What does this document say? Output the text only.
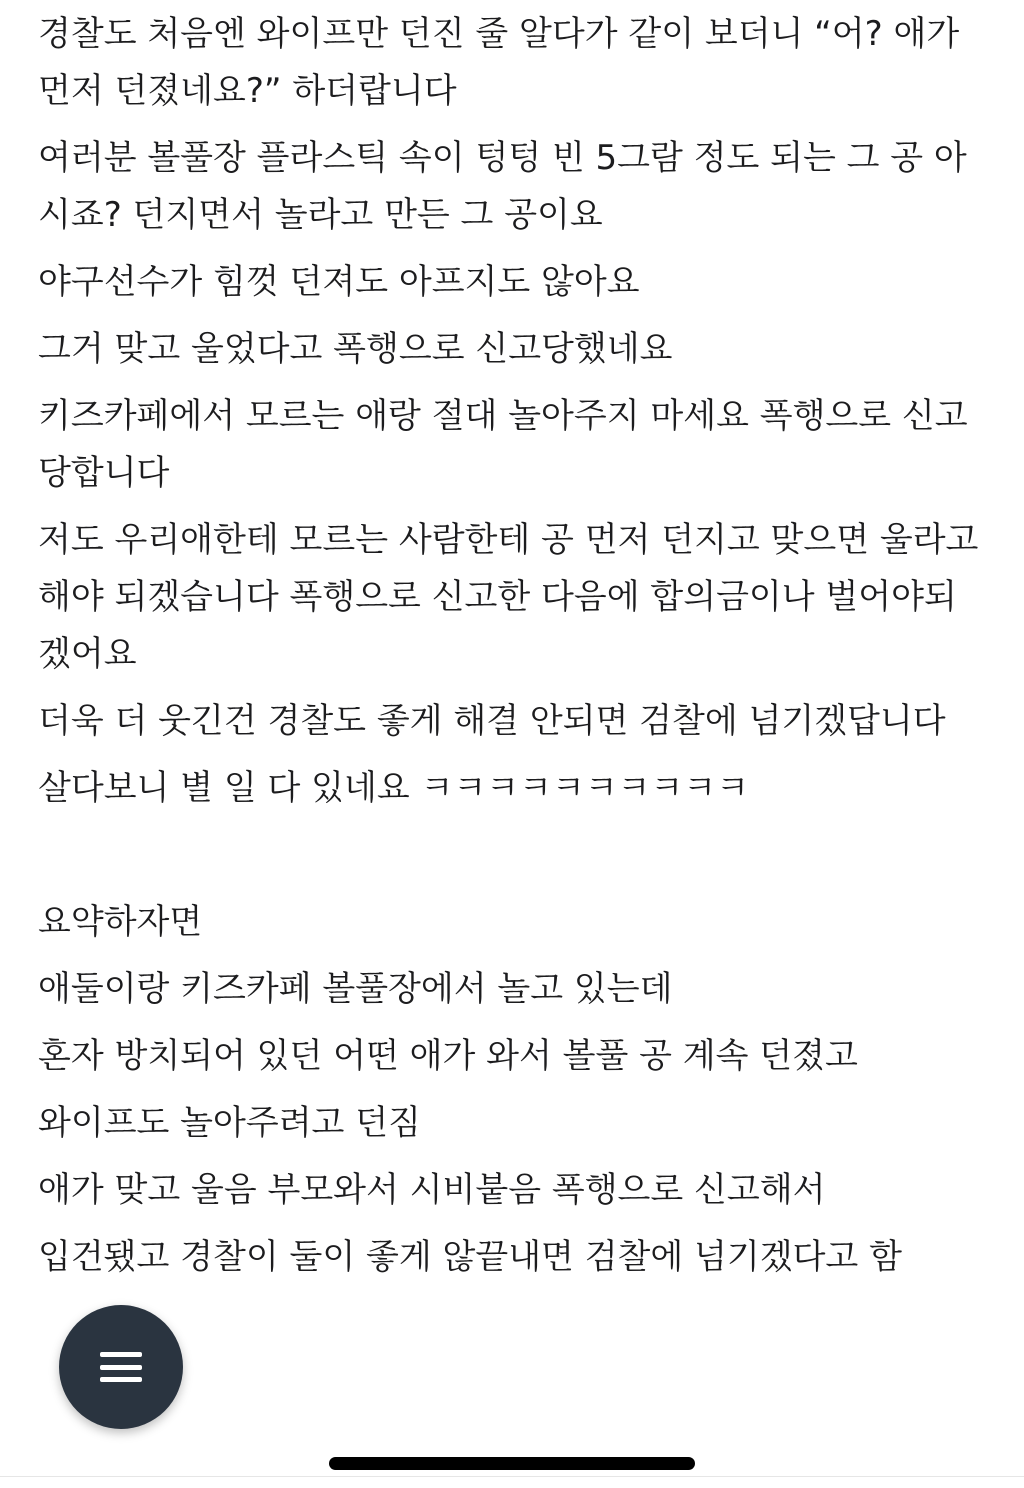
경찰도 처음엔 와이프만 던진 줄 알다가 같이 보더니 “어? 애가
먼저 던졌네요?” 하더랍니다

여러분 볼풀장 플라스틱 속이 텅텅 빈 5그람 정도 되는 그 공 아
시죠? 던지면서 놀라고 만든 그 공이요

야구선수가 힘껏 던져도 아프지도 않아요

그거 맞고 울었다고 폭행으로 신고당했네요

키즈카페에서 모르는 애랑 절대 놀아주지 마세요 폭행으로 신고
당합니다

저도 우리애한테 모르는 사람한테 공 먼저 던지고 맞으면 울라고
해야 되겠습니다 폭행으로 신고한 다음에 합의금이나 벌어야되
겠어요

더욱 더 웃긴건 경찰도 좋게 해결 안되면 검찰에 넘기겠답니다

살다보니 별 일 다 있네요 ㅋㅋㅋㅋㅋㅋㅋㅋㅋㅋ

요약하자면

애둘이랑 키즈카페 볼풀장에서 놀고 있는데

혼자 방치되어 있던 어떤 애가 와서 볼풀 공 계속 던졌고

와이프도 놀아주려고 던짐

애가 맞고 울음 부모와서 시비붙음 폭행으로 신고해서

입건됐고 경찰이 둘이 좋게 않끝내면 검찰에 넘기겠다고 함
